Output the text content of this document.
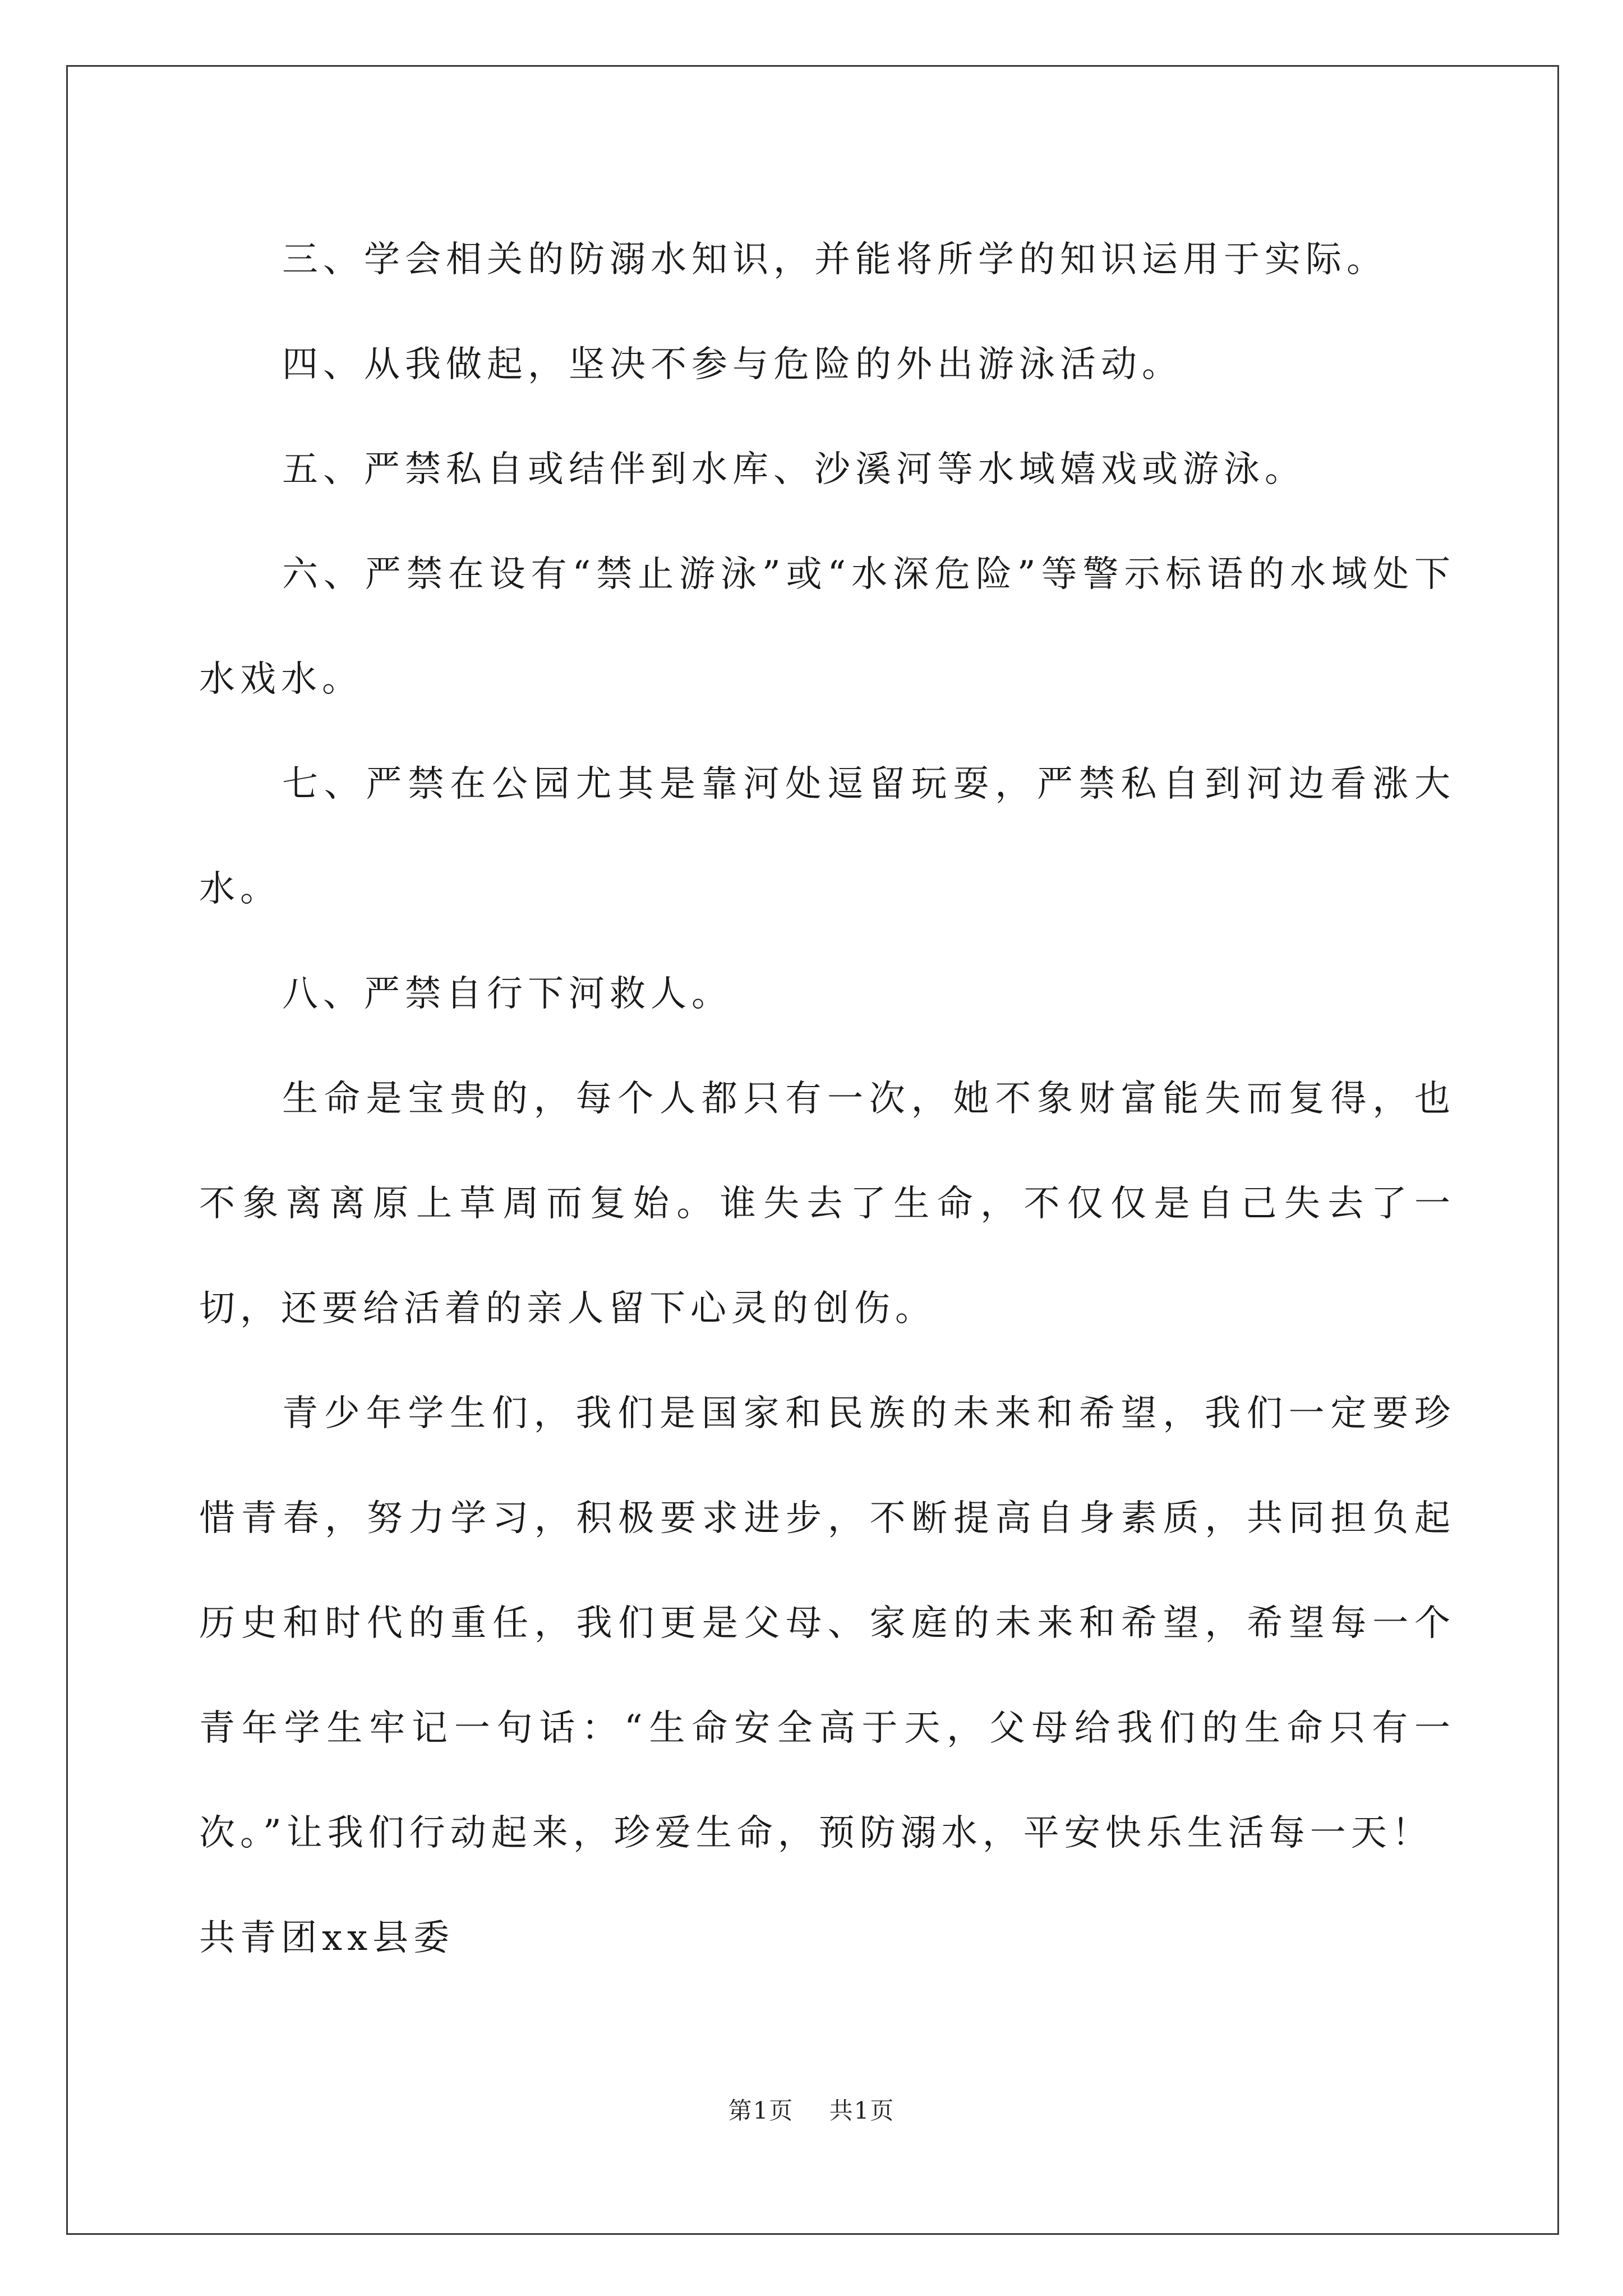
三、学会相关的防溺水知识，并能将所学的知识运用于实际。

四、从我做起，坚决不参与危险的外出游泳活动。

五、严禁私自或结伴到水库、沙溪河等水域嬉戏或游泳。

六、严禁在设有“禁止游泳”或“水深危险”等警示标语的水域处下水戏水。

七、严禁在公园尤其是靠河处逗留玩耍，严禁私自到河边看涨大水。

八、严禁自行下河救人。

生命是宝贵的，每个人都只有一次，她不象财富能失而复得，也不象离离原上草周而复始。谁失去了生命，不仅仅是自己失去了一切，还要给活着的亲人留下心灵的创伤。

青少年学生们，我们是国家和民族的未来和希望，我们一定要珍惜青春，努力学习，积极要求进步，不断提高自身素质，共同担负起历史和时代的重任，我们更是父母、家庭的未来和希望，希望每一个青年学生牢记一句话：“生命安全高于天，父母给我们的生命只有一次。”让我们行动起来，珍爱生命，预防溺水，平安快乐生活每一天！

共青团xx县委

第1页 共1页
